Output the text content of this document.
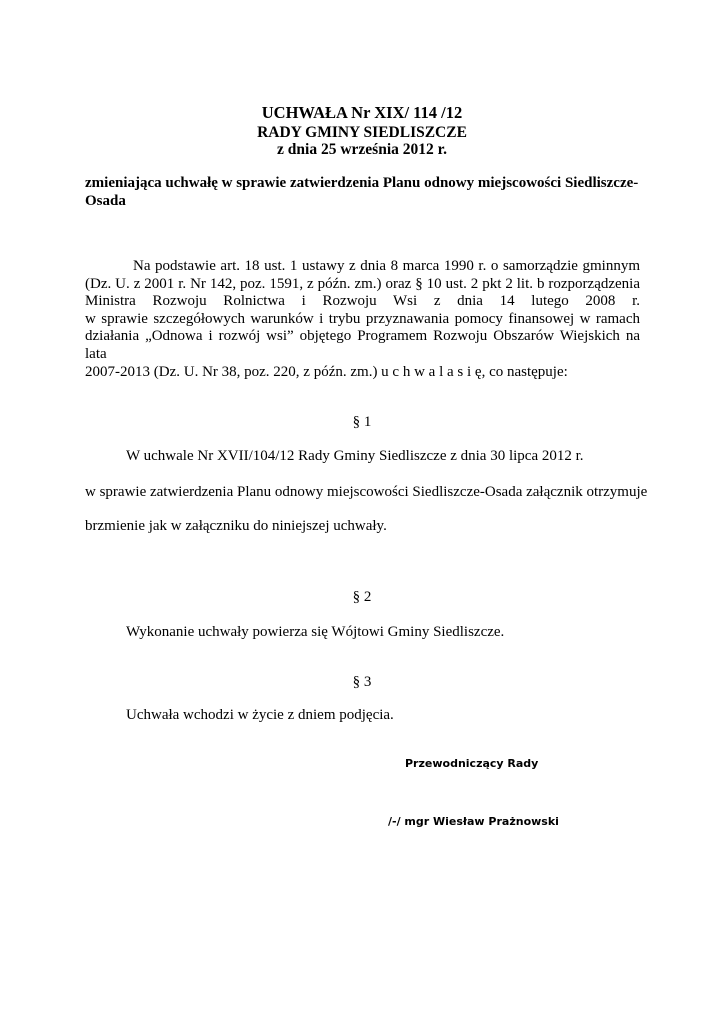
UCHWAŁA Nr XIX/ 114 /12
RADY GMINY SIEDLISZCZE
z dnia 25 września 2012 r.
zmieniająca uchwałę w sprawie zatwierdzenia Planu odnowy miejscowości Siedliszcze-
Osada
Na podstawie art. 18 ust. 1 ustawy z dnia 8 marca 1990 r. o samorządzie gminnym
(Dz. U. z 2001 r. Nr 142, poz. 1591, z późn. zm.) oraz § 10 ust. 2 pkt 2 lit. b rozporządzenia
Ministra Rozwoju Rolnictwa i Rozwoju Wsi z dnia 14 lutego 2008 r.
w sprawie szczegółowych warunków i trybu przyznawania pomocy finansowej w ramach
działania „Odnowa i rozwój wsi” objętego Programem Rozwoju Obszarów Wiejskich na lata
2007-2013 (Dz. U. Nr 38, poz. 220, z późn. zm.) u c h w a l a s i ę, co następuje:
§ 1
W uchwale Nr XVII/104/12 Rady Gminy Siedliszcze z dnia 30 lipca 2012 r.
w sprawie zatwierdzenia Planu odnowy miejscowości Siedliszcze-Osada załącznik otrzymuje
brzmienie jak w załączniku do niniejszej uchwały.
§ 2
Wykonanie uchwały powierza się Wójtowi Gminy Siedliszcze.
§ 3
Uchwała wchodzi w życie z dniem podjęcia.
Przewodniczący Rady
/-/ mgr Wiesław Prażnowski
